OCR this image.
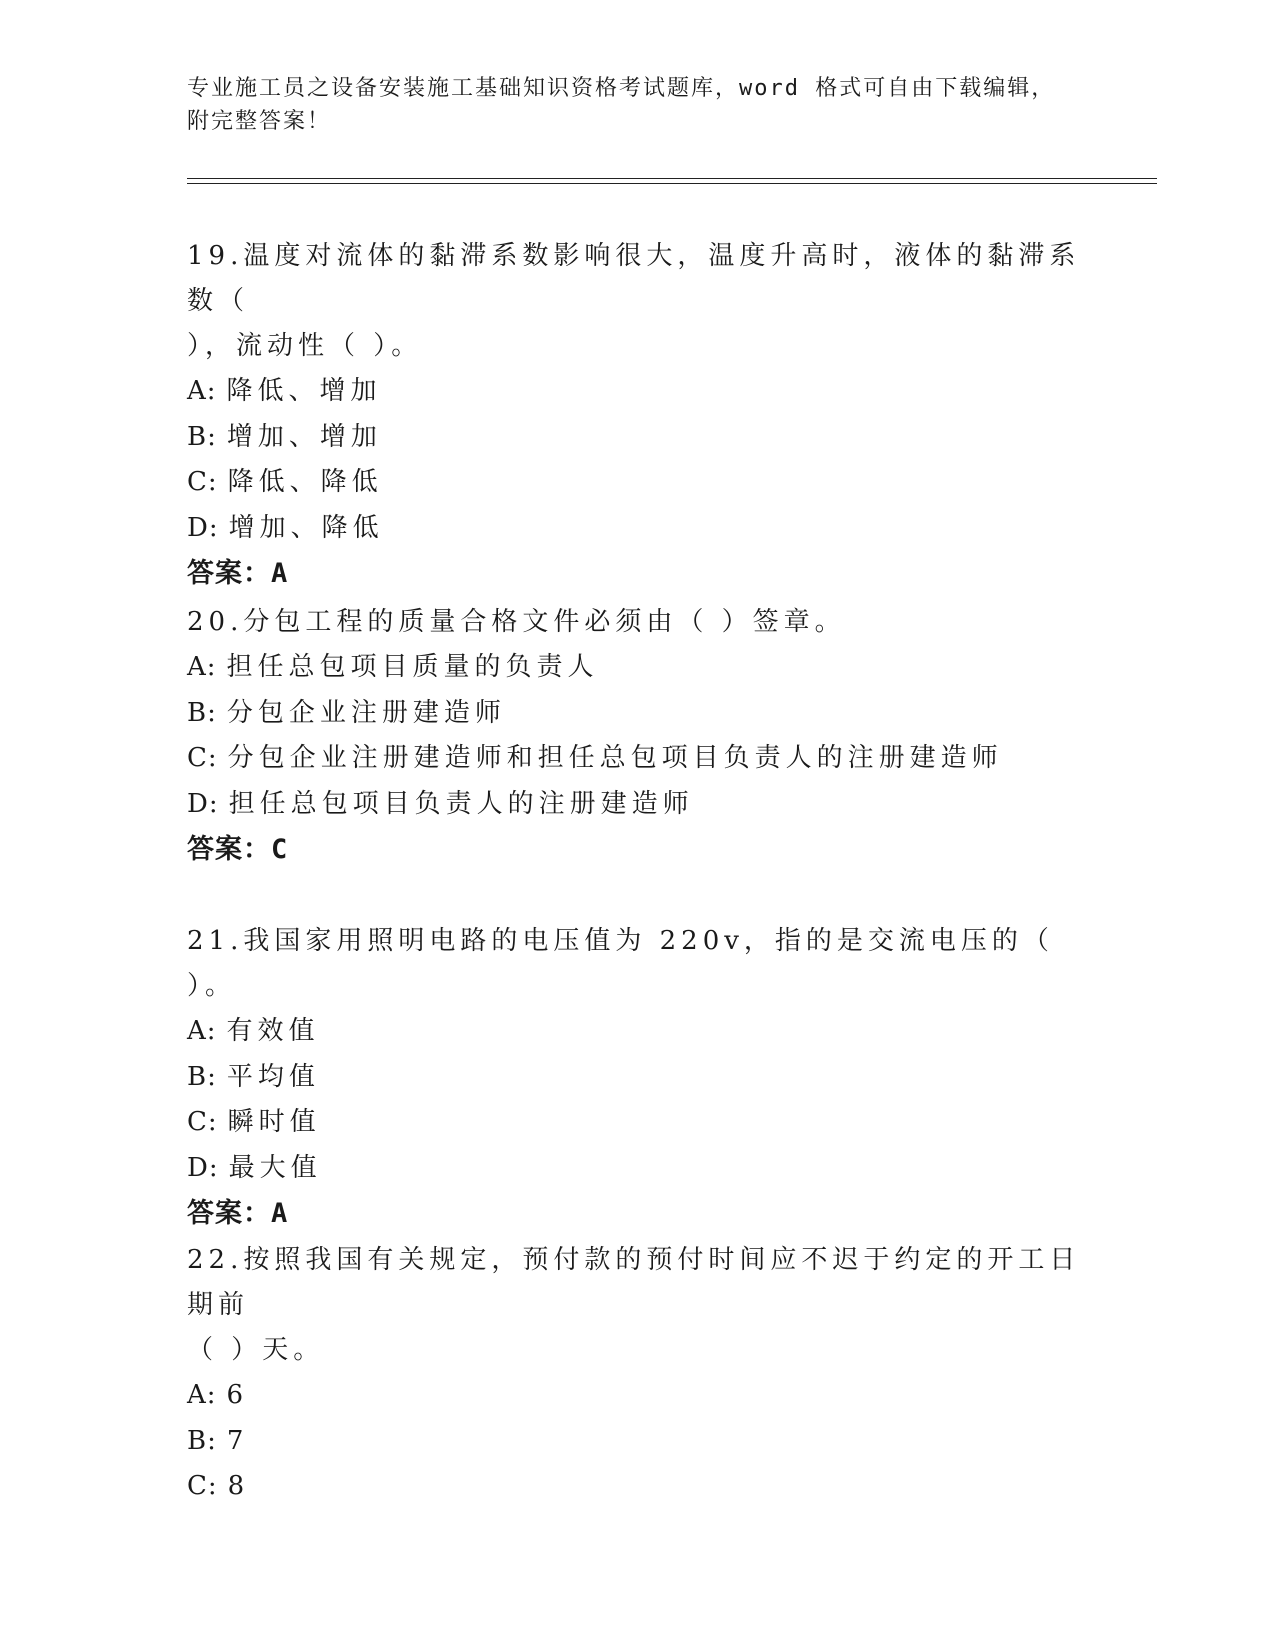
专业施工员之设备安装施工基础知识资格考试题库，word 格式可自由下载编辑，
附完整答案！
19.温度对流体的黏滞系数影响很大，温度升高时，液体的黏滞系数（
），流动性（ ）。
A: 降低、增加
B: 增加、增加
C: 降低、降低
D: 增加、降低
答案：A
20.分包工程的质量合格文件必须由（ ）签章。
A: 担任总包项目质量的负责人
B: 分包企业注册建造师
C: 分包企业注册建造师和担任总包项目负责人的注册建造师
D: 担任总包项目负责人的注册建造师
答案：C
21.我国家用照明电路的电压值为 220v，指的是交流电压的（ ）。
A: 有效值
B: 平均值
C: 瞬时值
D: 最大值
答案：A
22.按照我国有关规定，预付款的预付时间应不迟于约定的开工日期前
（ ）天。
A: 6
B: 7
C: 8
